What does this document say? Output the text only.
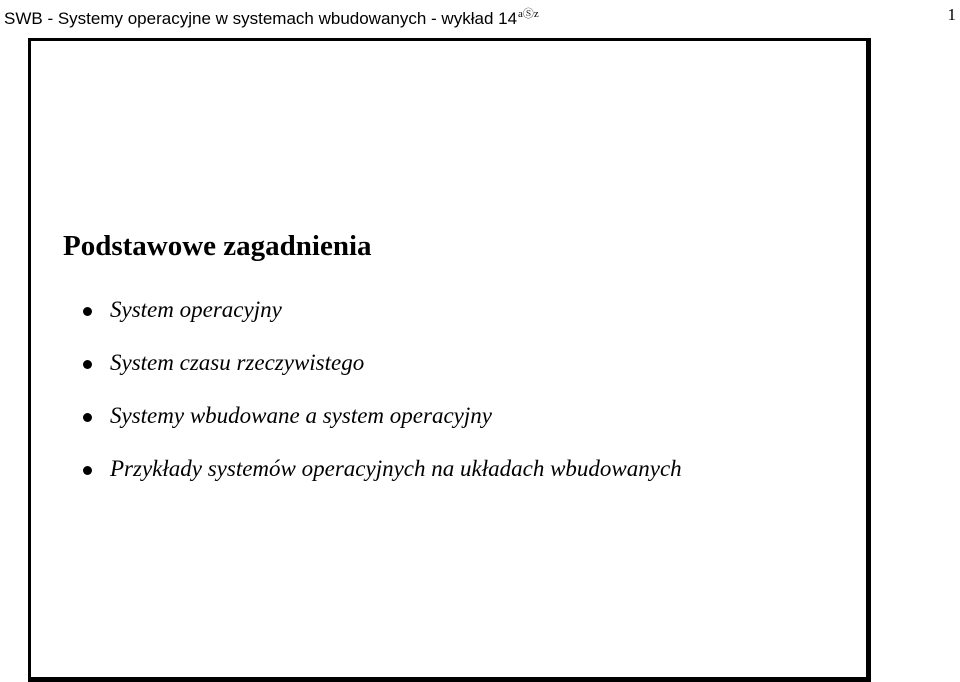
SWB - Systemy operacyjne w systemach wbudowanych - wykład $14^{aⓈz}$	1
Podstawowe zagadnienia
System operacyjny
System czasu rzeczywistego
Systemy wbudowane a system operacyjny
Przykłady systemów operacyjnych na układach wbudowanych
